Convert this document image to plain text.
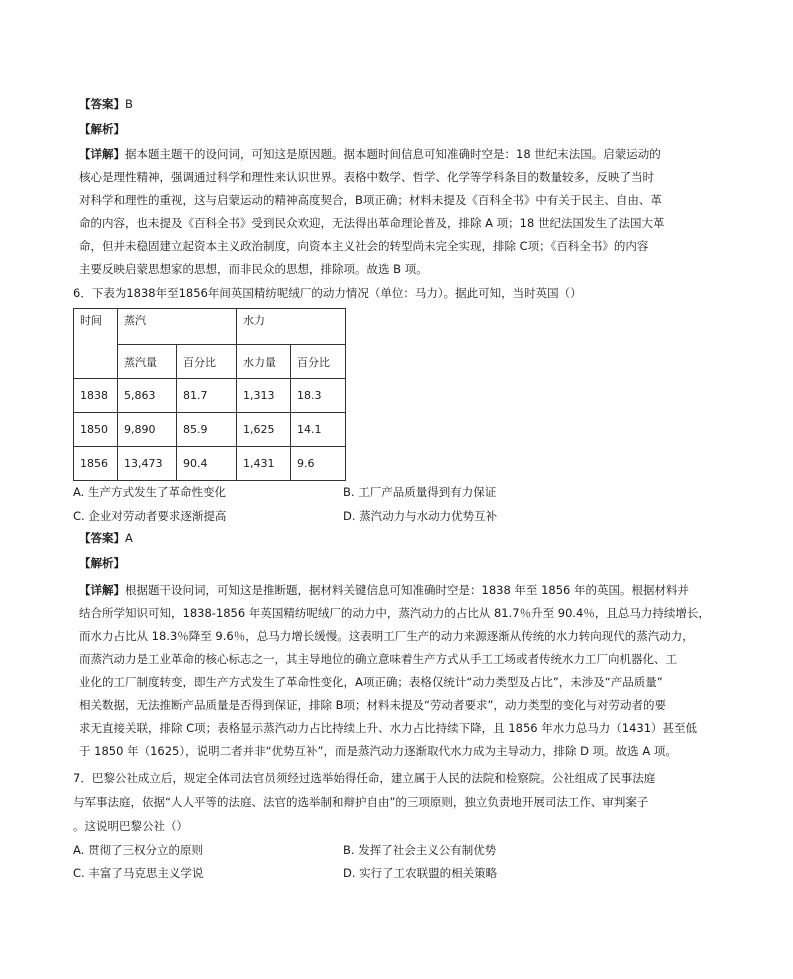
【答案】B
【解析】
【详解】据本题主题干的设问词，可知这是原因题。据本题时间信息可知准确时空是：18 世纪末法国。启蒙运动的
核心是理性精神，强调通过科学和理性来认识世界。表格中数学、哲学、化学等学科条目的数量较多，反映了当时
对科学和理性的重视，这与启蒙运动的精神高度契合，B项正确；材料未提及《百科全书》中有关于民主、自由、革
命的内容，也未提及《百科全书》受到民众欢迎，无法得出革命理论普及，排除 A 项；18 世纪法国发生了法国大革
命，但并未稳固建立起资本主义政治制度，向资本主义社会的转型尚未完全实现，排除 C项；《百科全书》的内容
主要反映启蒙思想家的思想，而非民众的思想，排除项。故选 B 项。
6．下表为1838年至1856年间英国精纺呢绒厂的动力情况（单位：马力）。据此可知，当时英国（）
时间	蒸汽		水力	
	蒸汽量	百分比	水力量	百分比
1838	5,863	81.7	1,313	18.3
1850	9,890	85.9	1,625	14.1
1856	13,473	90.4	1,431	9.6
A. 生产方式发生了革命性变化	B. 工厂产品质量得到有力保证
C. 企业对劳动者要求逐渐提高	D. 蒸汽动力与水动力优势互补
【答案】A
【解析】
【详解】根据题干设问词，可知这是推断题，据材料关键信息可知准确时空是：1838 年至 1856 年的英国。根据材料并
结合所学知识可知，1838-1856 年英国精纺呢绒厂的动力中，蒸汽动力的占比从 81.7％升至 90.4％，且总马力持续增长，
而水力占比从 18.3％降至 9.6％，总马力增长缓慢。这表明工厂生产的动力来源逐渐从传统的水力转向现代的蒸汽动力，
而蒸汽动力是工业革命的核心标志之一，其主导地位的确立意味着生产方式从手工工场或者传统水力工厂向机器化、工
业化的工厂制度转变，即生产方式发生了革命性变化，A项正确；表格仅统计“动力类型及占比”，未涉及“产品质量”
相关数据，无法推断产品质量是否得到保证，排除 B项；材料未提及“劳动者要求”，动力类型的变化与对劳动者的要
求无直接关联，排除 C项；表格显示蒸汽动力占比持续上升、水力占比持续下降，且 1856 年水力总马力（1431）甚至低
于 1850 年（1625），说明二者并非“优势互补”，而是蒸汽动力逐渐取代水力成为主导动力，排除 D 项。故选 A 项。
7．巴黎公社成立后，规定全体司法官员须经过选举始得任命，建立属于人民的法院和检察院。公社组成了民事法庭
与军事法庭，依据“人人平等的法庭、法官的选举制和辩护自由”的三项原则，独立负责地开展司法工作、审判案子
。这说明巴黎公社（）
A. 贯彻了三权分立的原则	B. 发挥了社会主义公有制优势
C. 丰富了马克思主义学说	D. 实行了工农联盟的相关策略
